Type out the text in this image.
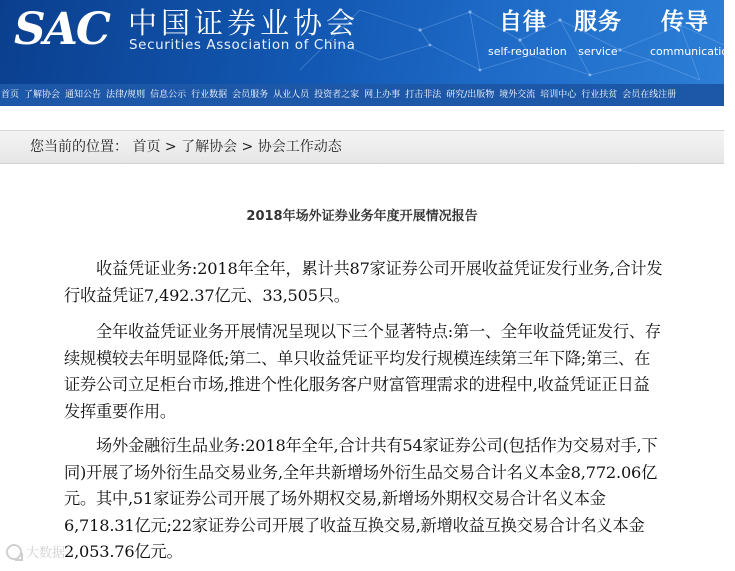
SAC 中国证券业协会
Securities Association of China
自律
self-regulation
服务
service
传导
communication
首页 了解协会 通知公告 法律/规则 信息公示 行业数据 会员服务 从业人员 投资者之家 网上办事 打击非法 研究/出版物 境外交流 培训中心 行业扶贫 会员在线注册
您当前的位置： 首页 > 了解协会 > 协会工作动态
2018年场外证券业务年度开展情况报告

收益凭证业务:2018年全年，累计共87家证券公司开展收益凭证发行业务,合计发行收益凭证7,492.37亿元、33,505只。

全年收益凭证业务开展情况呈现以下三个显著特点:第一、全年收益凭证发行、存续规模较去年明显降低;第二、单只收益凭证平均发行规模连续第三年下降;第三、在证券公司立足柜台市场,推进个性化服务客户财富管理需求的进程中,收益凭证正日益发挥重要作用。

场外金融衍生品业务:2018年全年,合计共有54家证券公司(包括作为交易对手,下同)开展了场外衍生品交易业务,全年共新增场外衍生品交易合计名义本金8,772.06亿元。其中,51家证券公司开展了场外期权交易,新增场外期权交易合计名义本金6,718.31亿元;22家证券公司开展了收益互换交易,新增收益互换交易合计名义本金2,053.76亿元。

大数据
